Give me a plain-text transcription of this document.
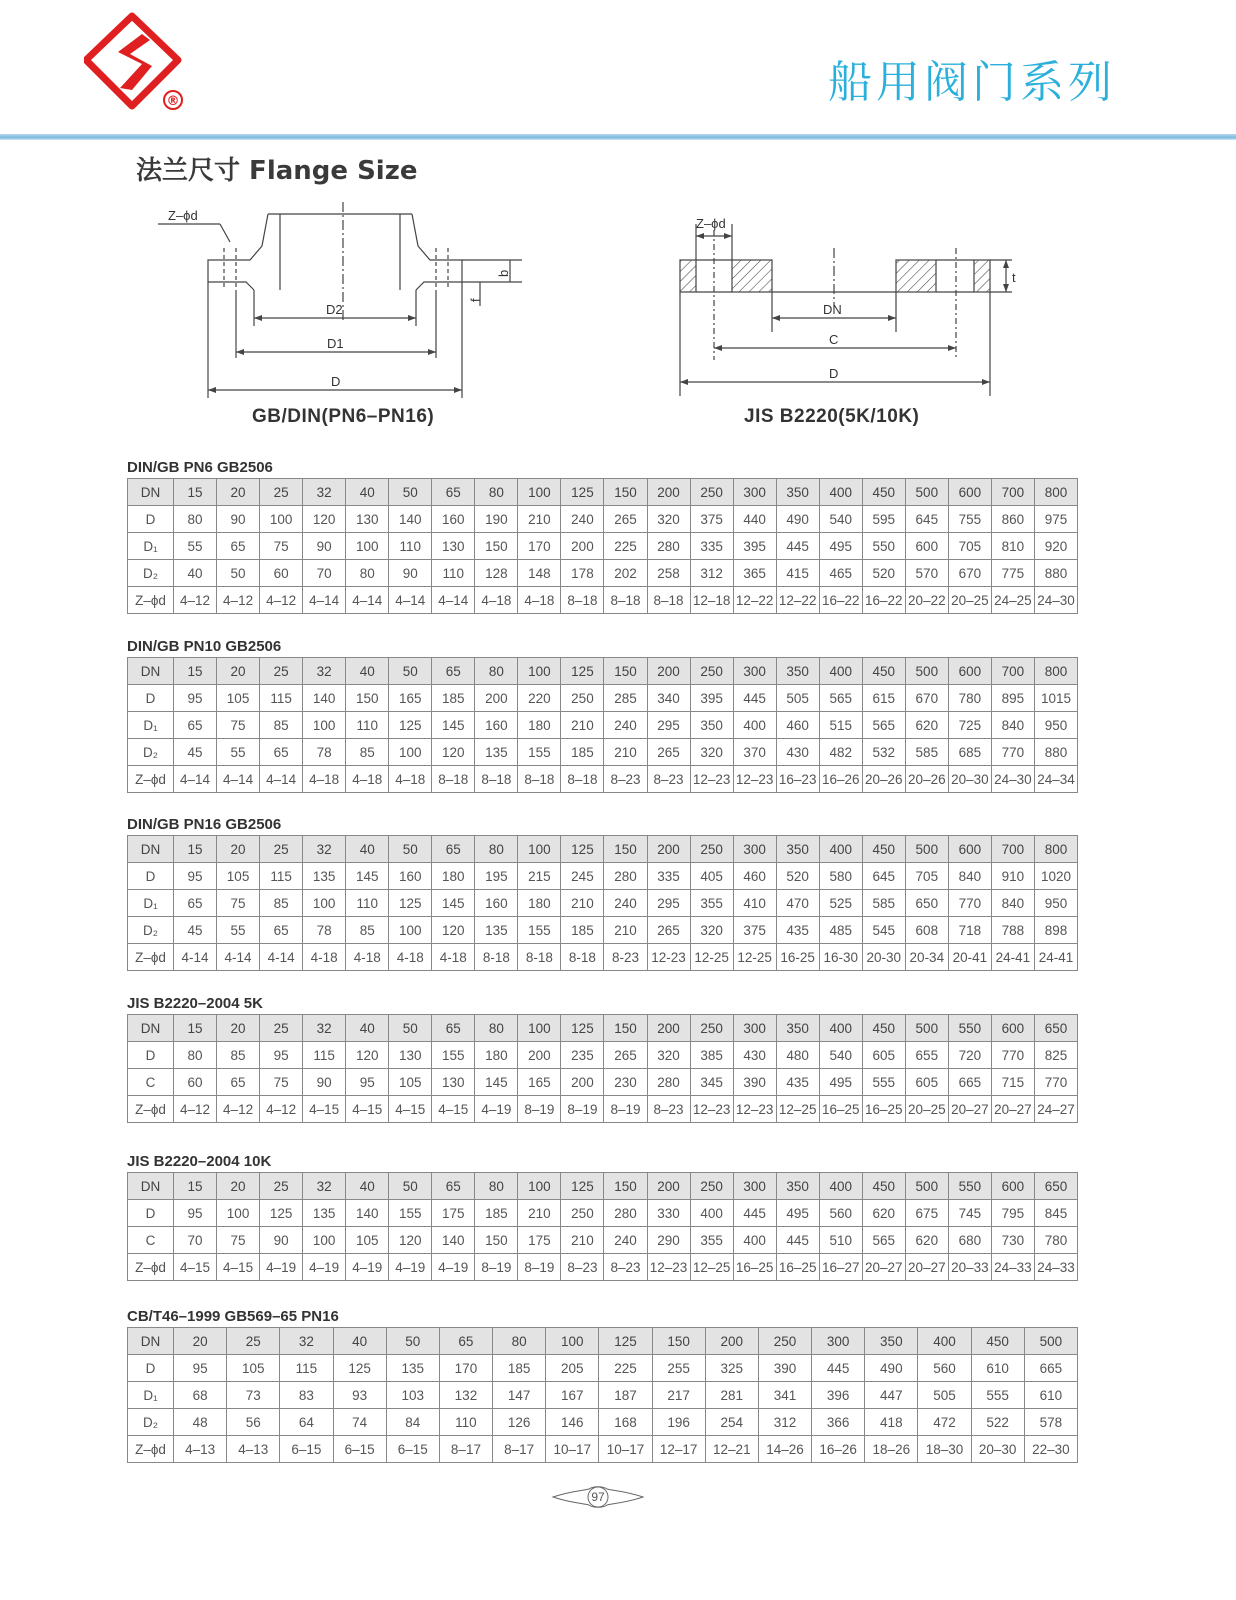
®	船用阀门系列
法兰尺寸 Flange Size
Z–ϕd
D2
D1
D
b
f
GB/DIN(PN6–PN16)
Z–ϕd
DN
C
D
t
JIS B2220(5K/10K)
DIN/GB PN6 GB2506
DN	15	20	25	32	40	50	65	80	100	125	150	200	250	300	350	400	450	500	600	700	800
D	80	90	100	120	130	140	160	190	210	240	265	320	375	440	490	540	595	645	755	860	975
D₁	55	65	75	90	100	110	130	150	170	200	225	280	335	395	445	495	550	600	705	810	920
D₂	40	50	60	70	80	90	110	128	148	178	202	258	312	365	415	465	520	570	670	775	880
Z–ϕd	4–12	4–12	4–12	4–14	4–14	4–14	4–14	4–18	4–18	8–18	8–18	8–18	12–18	12–22	12–22	16–22	16–22	20–22	20–25	24–25	24–30
DIN/GB PN10 GB2506
DN	15	20	25	32	40	50	65	80	100	125	150	200	250	300	350	400	450	500	600	700	800
D	95	105	115	140	150	165	185	200	220	250	285	340	395	445	505	565	615	670	780	895	1015
D₁	65	75	85	100	110	125	145	160	180	210	240	295	350	400	460	515	565	620	725	840	950
D₂	45	55	65	78	85	100	120	135	155	185	210	265	320	370	430	482	532	585	685	770	880
Z–ϕd	4–14	4–14	4–14	4–18	4–18	4–18	8–18	8–18	8–18	8–18	8–23	8–23	12–23	12–23	16–23	16–26	20–26	20–26	20–30	24–30	24–34
DIN/GB PN16 GB2506
DN	15	20	25	32	40	50	65	80	100	125	150	200	250	300	350	400	450	500	600	700	800
D	95	105	115	135	145	160	180	195	215	245	280	335	405	460	520	580	645	705	840	910	1020
D₁	65	75	85	100	110	125	145	160	180	210	240	295	355	410	470	525	585	650	770	840	950
D₂	45	55	65	78	85	100	120	135	155	185	210	265	320	375	435	485	545	608	718	788	898
Z–ϕd	4-14	4-14	4-14	4-18	4-18	4-18	4-18	8-18	8-18	8-18	8-23	12-23	12-25	12-25	16-25	16-30	20-30	20-34	20-41	24-41	24-41
JIS B2220–2004 5K
DN	15	20	25	32	40	50	65	80	100	125	150	200	250	300	350	400	450	500	550	600	650
D	80	85	95	115	120	130	155	180	200	235	265	320	385	430	480	540	605	655	720	770	825
C	60	65	75	90	95	105	130	145	165	200	230	280	345	390	435	495	555	605	665	715	770
Z–ϕd	4–12	4–12	4–12	4–15	4–15	4–15	4–15	4–19	8–19	8–19	8–19	8–23	12–23	12–23	12–25	16–25	16–25	20–25	20–27	20–27	24–27
JIS B2220–2004 10K
DN	15	20	25	32	40	50	65	80	100	125	150	200	250	300	350	400	450	500	550	600	650
D	95	100	125	135	140	155	175	185	210	250	280	330	400	445	495	560	620	675	745	795	845
C	70	75	90	100	105	120	140	150	175	210	240	290	355	400	445	510	565	620	680	730	780
Z–ϕd	4–15	4–15	4–19	4–19	4–19	4–19	4–19	8–19	8–19	8–23	8–23	12–23	12–25	16–25	16–25	16–27	20–27	20–27	20–33	24–33	24–33
CB/T46–1999 GB569–65 PN16
DN	20	25	32	40	50	65	80	100	125	150	200	250	300	350	400	450	500
D	95	105	115	125	135	170	185	205	225	255	325	390	445	490	560	610	665
D₁	68	73	83	93	103	132	147	167	187	217	281	341	396	447	505	555	610
D₂	48	56	64	74	84	110	126	146	168	196	254	312	366	418	472	522	578
Z–ϕd	4–13	4–13	6–15	6–15	6–15	8–17	8–17	10–17	10–17	12–17	12–21	14–26	16–26	18–26	18–30	20–30	22–30
97
